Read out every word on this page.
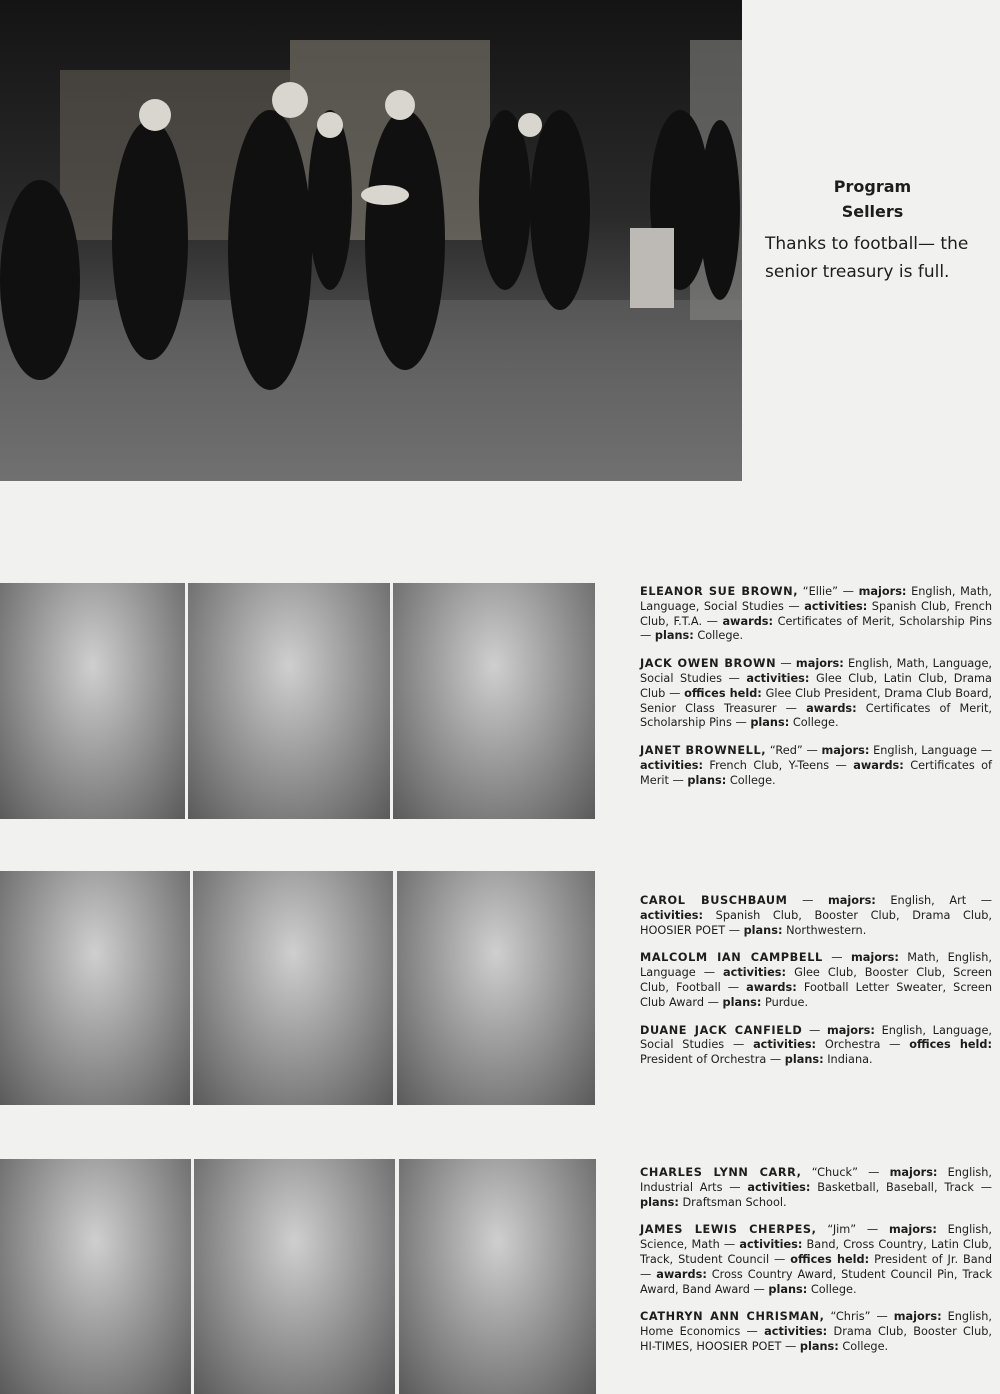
Program
Sellers

Thanks to football— the senior treasury is full.

ELEANOR SUE BROWN, “Ellie” — majors: English, Math, Language, Social Studies — activities: Spanish Club, French Club, F.T.A. — awards: Certificates of Merit, Scholarship Pins — plans: College.

JACK OWEN BROWN — majors: English, Math, Language, Social Studies — activities: Glee Club, Latin Club, Drama Club — offices held: Glee Club President, Drama Club Board, Senior Class Treasurer — awards: Certificates of Merit, Scholarship Pins — plans: College.

JANET BROWNELL, “Red” — majors: English, Language — activities: French Club, Y-Teens — awards: Certificates of Merit — plans: College.

CAROL BUSCHBAUM — majors: English, Art — activities: Spanish Club, Booster Club, Drama Club, HOOSIER POET — plans: Northwestern.

MALCOLM IAN CAMPBELL — majors: Math, English, Language — activities: Glee Club, Booster Club, Screen Club, Football — awards: Football Letter Sweater, Screen Club Award — plans: Purdue.

DUANE JACK CANFIELD — majors: English, Language, Social Studies — activities: Orchestra — offices held: President of Orchestra — plans: Indiana.

CHARLES LYNN CARR, “Chuck” — majors: English, Industrial Arts — activities: Basketball, Baseball, Track — plans: Draftsman School.

JAMES LEWIS CHERPES, “Jim” — majors: English, Science, Math — activities: Band, Cross Country, Latin Club, Track, Student Council — offices held: President of Jr. Band — awards: Cross Country Award, Student Council Pin, Track Award, Band Award — plans: College.

CATHRYN ANN CHRISMAN, “Chris” — majors: English, Home Economics — activities: Drama Club, Booster Club, HI-TIMES, HOOSIER POET — plans: College.
